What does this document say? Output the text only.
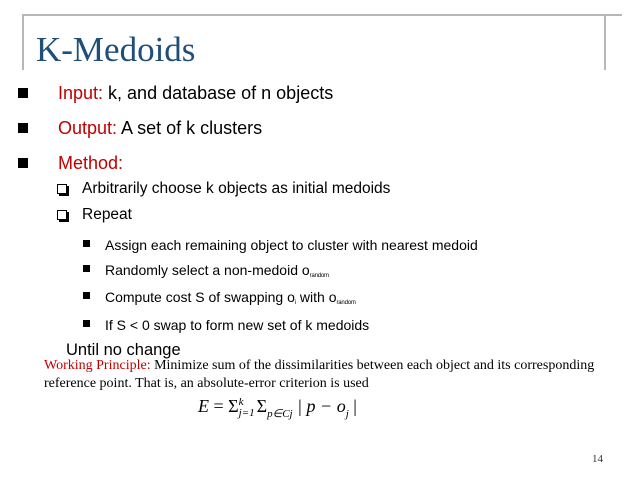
K-Medoids
Input: k, and database of n objects
Output: A set of k clusters
Method:
Arbitrarily choose k objects as initial medoids
Repeat
Assign each remaining object to cluster with nearest medoid
Randomly select a non-medoid $o_{random}$
Compute cost S of swapping $o_i$ with $o_{random}$
If S < 0 swap to form new set of k medoids
Until no change
Working Principle: Minimize sum of the dissimilarities between each object and its corresponding reference point. That is, an absolute-error criterion is used
E = Σ k
j=1 $\Sigma_{p\in Cj}$ | $p - o_j$ |
14
